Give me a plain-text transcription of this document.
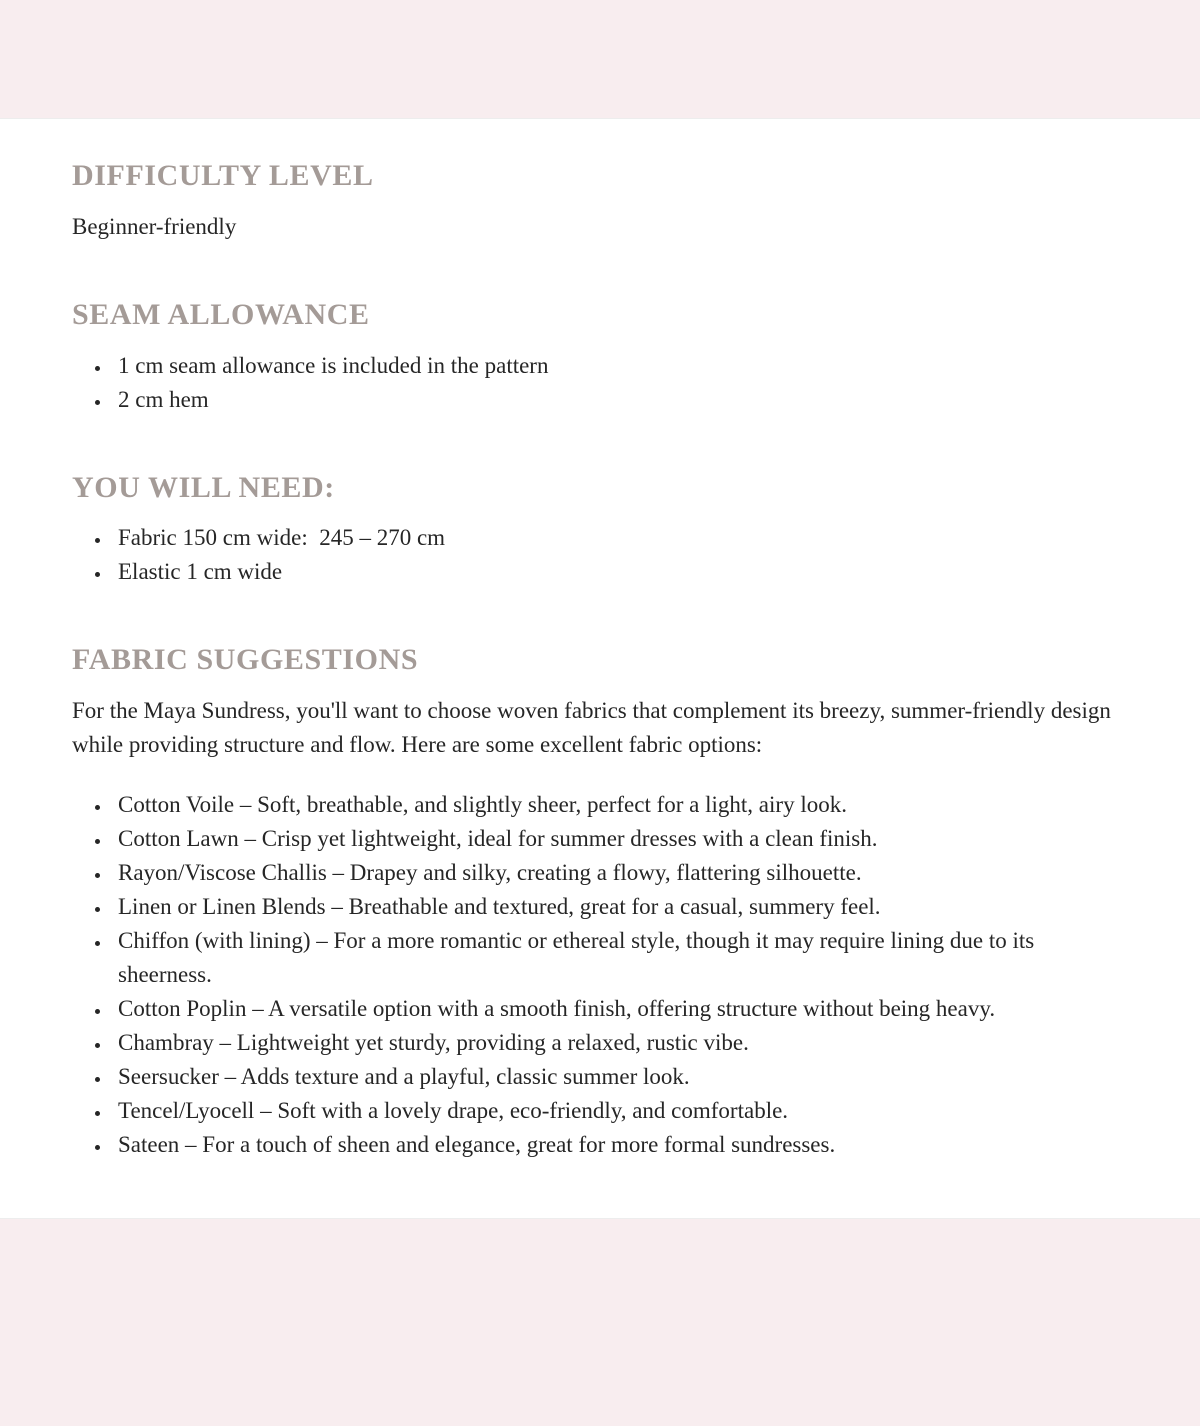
DIFFICULTY LEVEL

Beginner-friendly

SEAM ALLOWANCE
• 1 cm seam allowance is included in the pattern
• 2 cm hem
YOU WILL NEED:
• Fabric 150 cm wide:  245 – 270 cm
• Elastic 1 cm wide
FABRIC SUGGESTIONS

For the Maya Sundress, you'll want to choose woven fabrics that complement its breezy, summer-friendly design while providing structure and flow. Here are some excellent fabric options:

• Cotton Voile – Soft, breathable, and slightly sheer, perfect for a light, airy look.
• Cotton Lawn – Crisp yet lightweight, ideal for summer dresses with a clean finish.
• Rayon/Viscose Challis – Drapey and silky, creating a flowy, flattering silhouette.
• Linen or Linen Blends – Breathable and textured, great for a casual, summery feel.
• Chiffon (with lining) – For a more romantic or ethereal style, though it may require lining due to its sheerness.
• Cotton Poplin – A versatile option with a smooth finish, offering structure without being heavy.
• Chambray – Lightweight yet sturdy, providing a relaxed, rustic vibe.
• Seersucker – Adds texture and a playful, classic summer look.
• Tencel/Lyocell – Soft with a lovely drape, eco-friendly, and comfortable.
• Sateen – For a touch of sheen and elegance, great for more formal sundresses.
